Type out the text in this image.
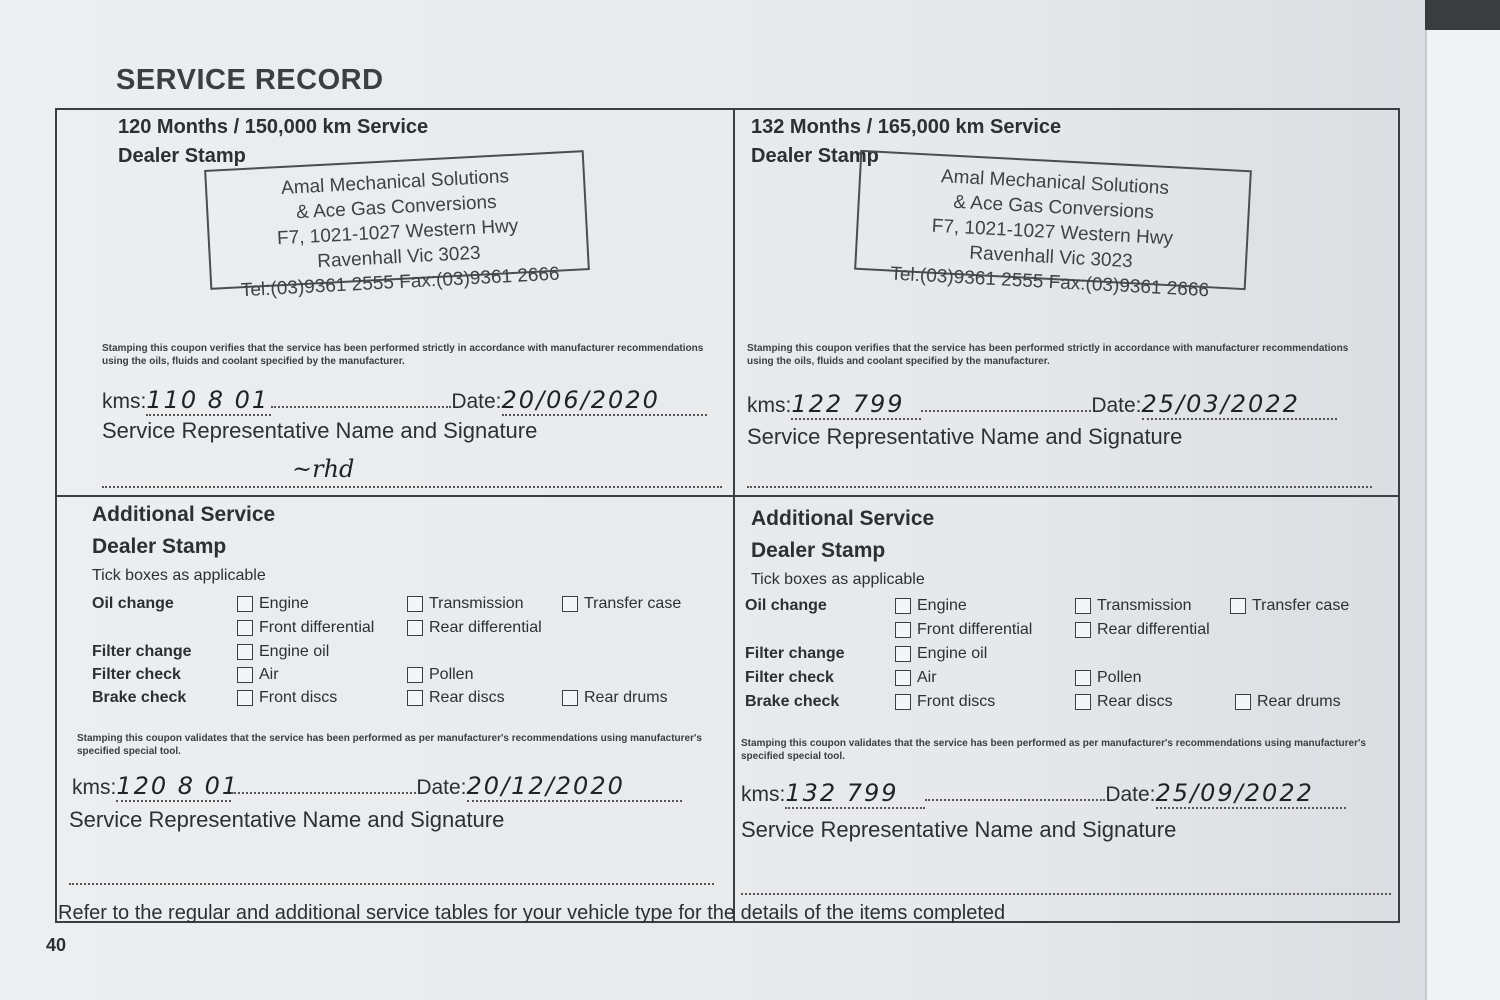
SERVICE RECORD
120 Months / 150,000 km Service
Dealer Stamp
Amal Mechanical Solutions
& Ace Gas Conversions
F7, 1021-1027 Western Hwy
Ravenhall Vic 3023
Tel:(03)9361 2555 Fax:(03)9361 2666
Stamping this coupon verifies that the service has been performed strictly in accordance with manufacturer recommendations using the oils, fluids and coolant specified by the manufacturer.
kms:110 8 01	Date:20/06/2020
Service Representative Name and Signature
~rhd
132 Months / 165,000 km Service
Dealer Stamp
Amal Mechanical Solutions
& Ace Gas Conversions
F7, 1021-1027 Western Hwy
Ravenhall Vic 3023
Tel:(03)9361 2555 Fax:(03)9361 2666
Stamping this coupon verifies that the service has been performed strictly in accordance with manufacturer recommendations using the oils, fluids and coolant specified by the manufacturer.
kms:122 799	Date:25/03/2022
Service Representative Name and Signature
Additional Service
Dealer Stamp
Tick boxes as applicable
Oil change	Engine	Transmission	Transfer case
Front differential	Rear differential
Filter change	Engine oil
Filter check	Air	Pollen
Brake check	Front discs	Rear discs	Rear drums
Stamping this coupon validates that the service has been performed as per manufacturer's recommendations using manufacturer's specified special tool.
kms:120 8 01	Date:20/12/2020
Service Representative Name and Signature
Additional Service
Dealer Stamp
Tick boxes as applicable
Oil change	Engine	Transmission	Transfer case
Front differential	Rear differential
Filter change	Engine oil
Filter check	Air	Pollen
Brake check	Front discs	Rear discs	Rear drums
Stamping this coupon validates that the service has been performed as per manufacturer's recommendations using manufacturer's specified special tool.
kms:132 799	Date:25/09/2022
Service Representative Name and Signature
Refer to the regular and additional service tables for your vehicle type for the details of the items completed
40
